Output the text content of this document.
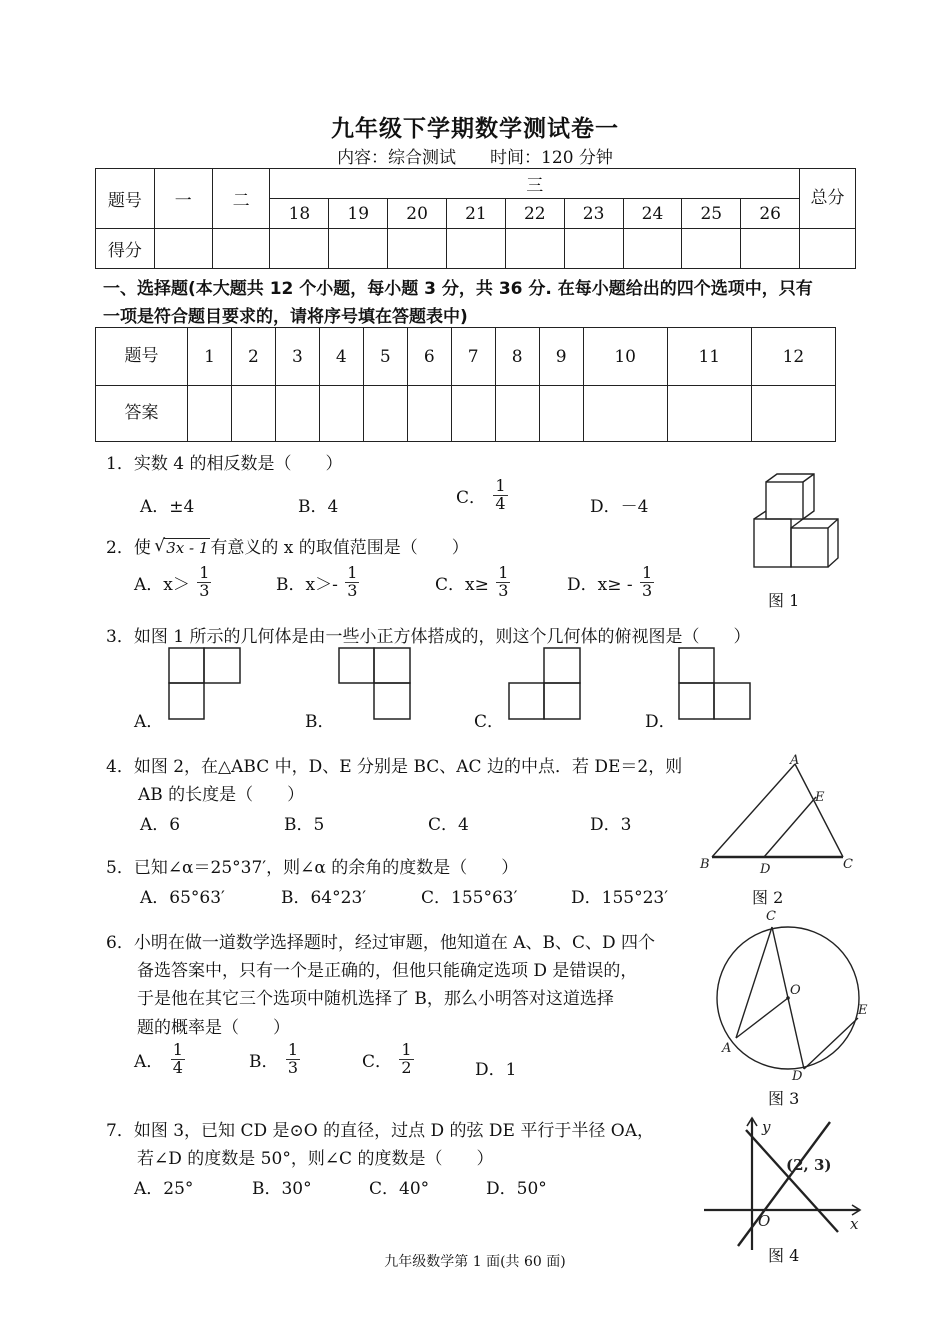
九年级下学期数学测试卷一
内容：综合测试　　时间：120 分钟
题号	一	二	三									总分
			18	19	20	21	22	23	24	25	26	
得分												
一、选择题(本大题共 12 个小题，每小题 3 分，共 36 分. 在每小题给出的四个选项中，只有
一项是符合题目要求的，请将序号填在答题表中)
题号	1	2	3	4	5	6	7	8	9	10	11	12
答案												
1．实数 4 的相反数是（　　）
A．±4	B．4	C． $\frac{1}{4}$	D．－4
2．使 √ 3x - 1 有意义的 x 的取值范围是（　　）
A．$x> \frac{1}{3}$	B．$x>- \frac{1}{3}$	C．$x\ge \frac{1}{3}$	D．$x\ge - \frac{1}{3}$
图 1
3．如图 1 所示的几何体是由一些小正方体搭成的，则这个几何体的俯视图是（　　）
A．	B．	C．	D．
4．如图 2，在△ABC 中，D、E 分别是 BC、AC 边的中点．若 DE＝2，则
AB 的长度是（　　）
A．6	B．5	C．4	D．3
A
B	C
D
E
图 2
5．已知∠α＝25°37′，则∠α 的余角的度数是（　　）
A．65°63′	B．64°23′	C．155°63′	D．155°23′
6．小明在做一道数学选择题时，经过审题，他知道在 A、B、C、D 四个
备选答案中，只有一个是正确的，但他只能确定选项 D 是错误的，
于是他在其它三个选项中随机选择了 B，那么小明答对这道选择
题的概率是（　　）
A． $\frac{1}{4}$	B． $\frac{1}{3}$	C． $\frac{1}{2}$	D．1
C
O
A
D
E
图 3
7．如图 3，已知 CD 是⊙O 的直径，过点 D 的弦 DE 平行于半径 OA，
若∠D 的度数是 50°，则∠C 的度数是（　　）
A．25°	B．30°	C．40°	D．50°
y
x
O
(2, 3)
图 4
九年级数学第 1 面(共 60 面)
